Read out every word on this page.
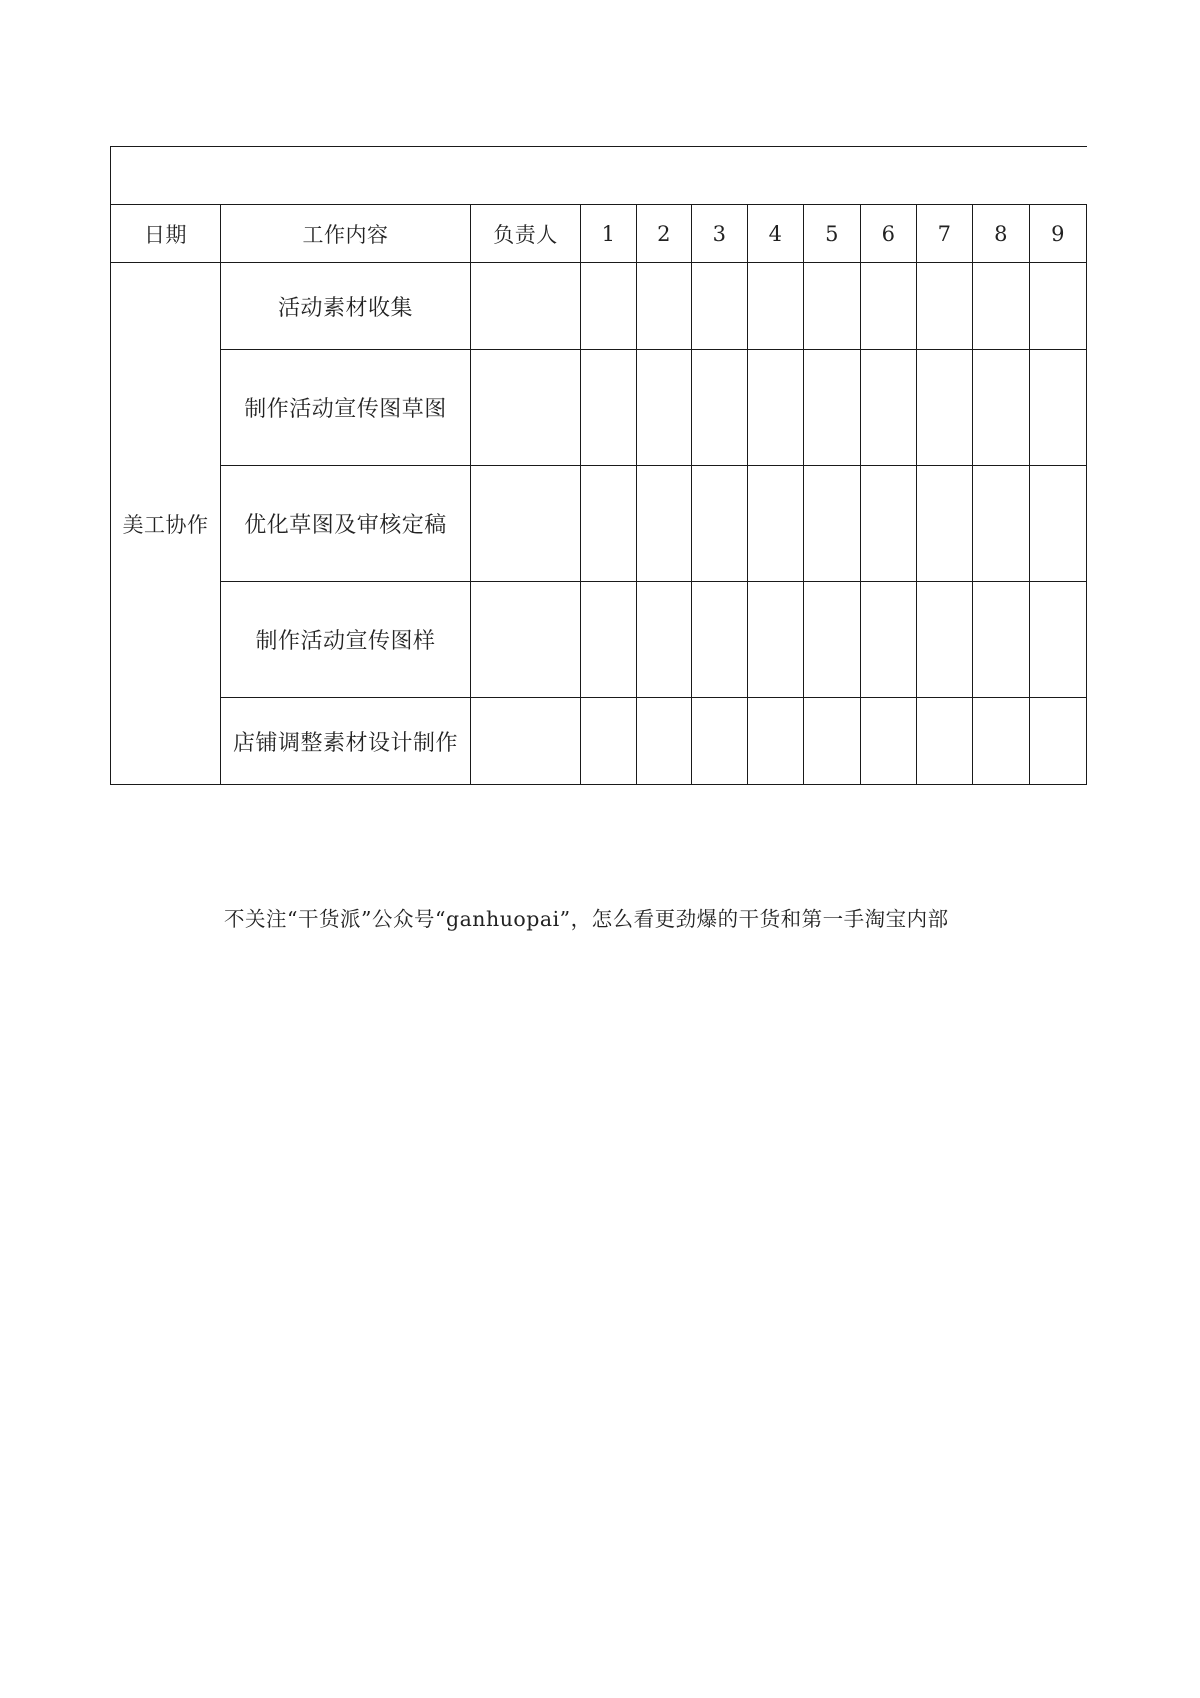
日期	工作内容	负责人	1	2	3	4	5	6	7	8	9
美工协作	活动素材收集										
	制作活动宣传图草图										
	优化草图及审核定稿										
	制作活动宣传图样										
	店铺调整素材设计制作										
不关注“干货派”公众号“ganhuopai”，怎么看更劲爆的干货和第一手淘宝内部
